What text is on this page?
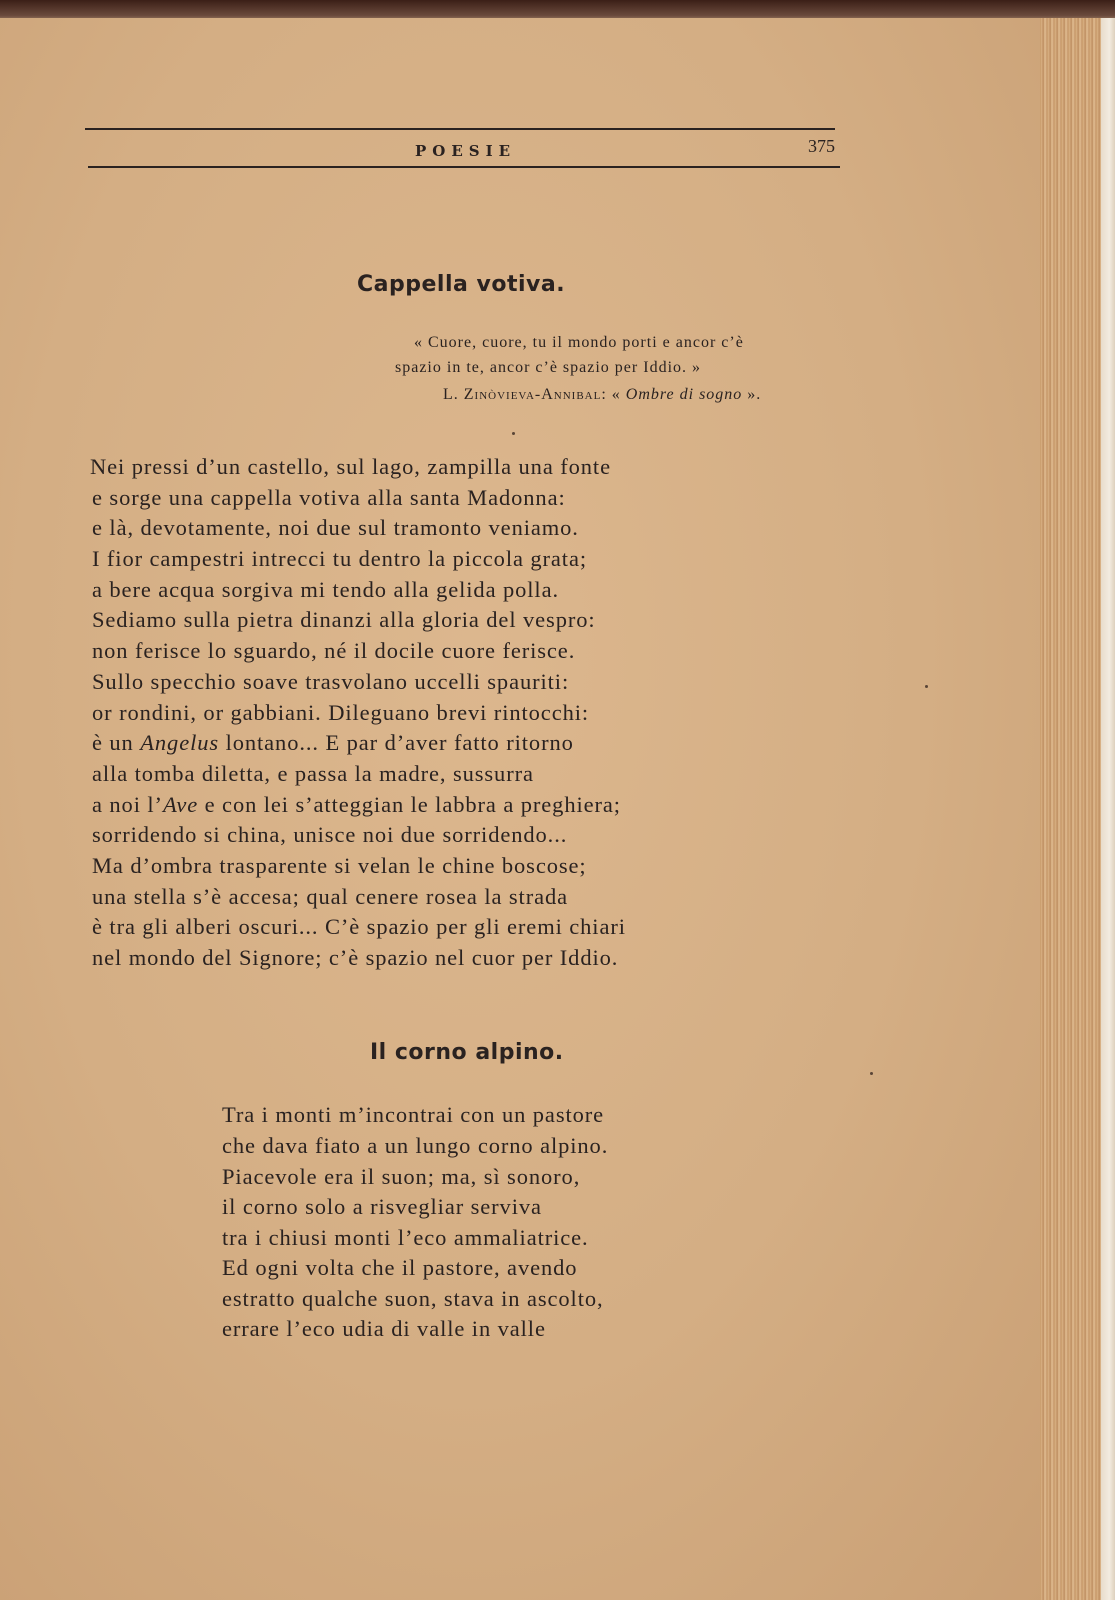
POESIE	375
Cappella votiva.
« Cuore, cuore, tu il mondo porti e ancor c’è
spazio in te, ancor c’è spazio per Iddio. »
L. Zinòvieva-Annibal: « Ombre di sogno ».
Nei pressi d’un castello, sul lago, zampilla una fonte
e sorge una cappella votiva alla santa Madonna:
e là, devotamente, noi due sul tramonto veniamo.
I fior campestri intrecci tu dentro la piccola grata;
a bere acqua sorgiva mi tendo alla gelida polla.
Sediamo sulla pietra dinanzi alla gloria del vespro:
non ferisce lo sguardo, né il docile cuore ferisce.
Sullo specchio soave trasvolano uccelli spauriti:
or rondini, or gabbiani. Dileguano brevi rintocchi:
è un Angelus lontano... E par d’aver fatto ritorno
alla tomba diletta, e passa la madre, sussurra
a noi l’Ave e con lei s’atteggian le labbra a preghiera;
sorridendo si china, unisce noi due sorridendo...
Ma d’ombra trasparente si velan le chine boscose;
una stella s’è accesa; qual cenere rosea la strada
è tra gli alberi oscuri... C’è spazio per gli eremi chiari
nel mondo del Signore; c’è spazio nel cuor per Iddio.
Il corno alpino.
Tra i monti m’incontrai con un pastore
che dava fiato a un lungo corno alpino.
Piacevole era il suon; ma, sì sonoro,
il corno solo a risvegliar serviva
tra i chiusi monti l’eco ammaliatrice.
Ed ogni volta che il pastore, avendo
estratto qualche suon, stava in ascolto,
errare l’eco udia di valle in valle
